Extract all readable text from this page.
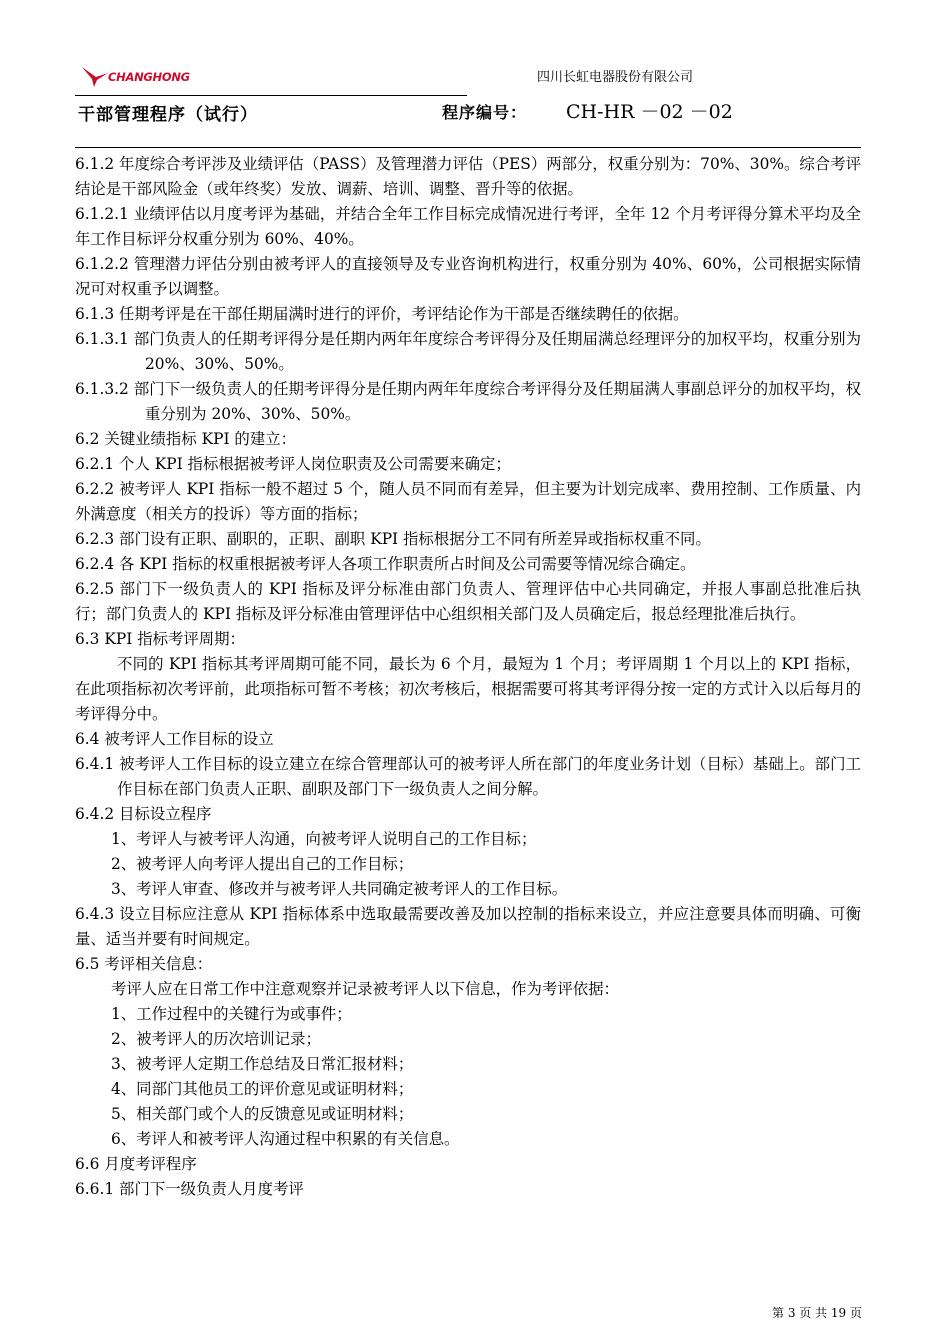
CHANGHONG	四川长虹电器股份有限公司
干部管理程序（试行）	程序编号： CH-HR －02 －02

6.1.2 年度综合考评涉及业绩评估（PASS）及管理潜力评估（PES）两部分，权重分别为：70%、30%。综合考评结论是干部风险金（或年终奖）发放、调薪、培训、调整、晋升等的依据。

6.1.2.1 业绩评估以月度考评为基础，并结合全年工作目标完成情况进行考评，全年 12 个月考评得分算术平均及全年工作目标评分权重分别为 60%、40%。

6.1.2.2 管理潜力评估分别由被考评人的直接领导及专业咨询机构进行，权重分别为 40%、60%，公司根据实际情况可对权重予以调整。

6.1.3 任期考评是在干部任期届满时进行的评价，考评结论作为干部是否继续聘任的依据。

6.1.3.1 部门负责人的任期考评得分是任期内两年年度综合考评得分及任期届满总经理评分的加权平均，权重分别为 20%、30%、50%。

6.1.3.2 部门下一级负责人的任期考评得分是任期内两年年度综合考评得分及任期届满人事副总评分的加权平均，权重分别为 20%、30%、50%。

6.2 关键业绩指标 KPI 的建立：

6.2.1 个人 KPI 指标根据被考评人岗位职责及公司需要来确定；

6.2.2 被考评人 KPI 指标一般不超过 5 个，随人员不同而有差异，但主要为计划完成率、费用控制、工作质量、内外满意度（相关方的投诉）等方面的指标；

6.2.3 部门设有正职、副职的，正职、副职 KPI 指标根据分工不同有所差异或指标权重不同。

6.2.4 各 KPI 指标的权重根据被考评人各项工作职责所占时间及公司需要等情况综合确定。

6.2.5 部门下一级负责人的 KPI 指标及评分标准由部门负责人、管理评估中心共同确定，并报人事副总批准后执行；部门负责人的 KPI 指标及评分标准由管理评估中心组织相关部门及人员确定后，报总经理批准后执行。

6.3 KPI 指标考评周期：

不同的 KPI 指标其考评周期可能不同，最长为 6 个月，最短为 1 个月；考评周期 1 个月以上的 KPI 指标，在此项指标初次考评前，此项指标可暂不考核；初次考核后，根据需要可将其考评得分按一定的方式计入以后每月的考评得分中。

6.4 被考评人工作目标的设立

6.4.1 被考评人工作目标的设立建立在综合管理部认可的被考评人所在部门的年度业务计划（目标）基础上。部门工作目标在部门负责人正职、副职及部门下一级负责人之间分解。

6.4.2 目标设立程序

1、考评人与被考评人沟通，向被考评人说明自己的工作目标；

2、被考评人向考评人提出自己的工作目标；

3、考评人审查、修改并与被考评人共同确定被考评人的工作目标。

6.4.3 设立目标应注意从 KPI 指标体系中选取最需要改善及加以控制的指标来设立，并应注意要具体而明确、可衡量、适当并要有时间规定。

6.5 考评相关信息：

考评人应在日常工作中注意观察并记录被考评人以下信息，作为考评依据：

1、工作过程中的关键行为或事件；

2、被考评人的历次培训记录；

3、被考评人定期工作总结及日常汇报材料；

4、同部门其他员工的评价意见或证明材料；

5、相关部门或个人的反馈意见或证明材料；

6、考评人和被考评人沟通过程中积累的有关信息。

6.6 月度考评程序

6.6.1 部门下一级负责人月度考评

第 3 页 共 19 页
